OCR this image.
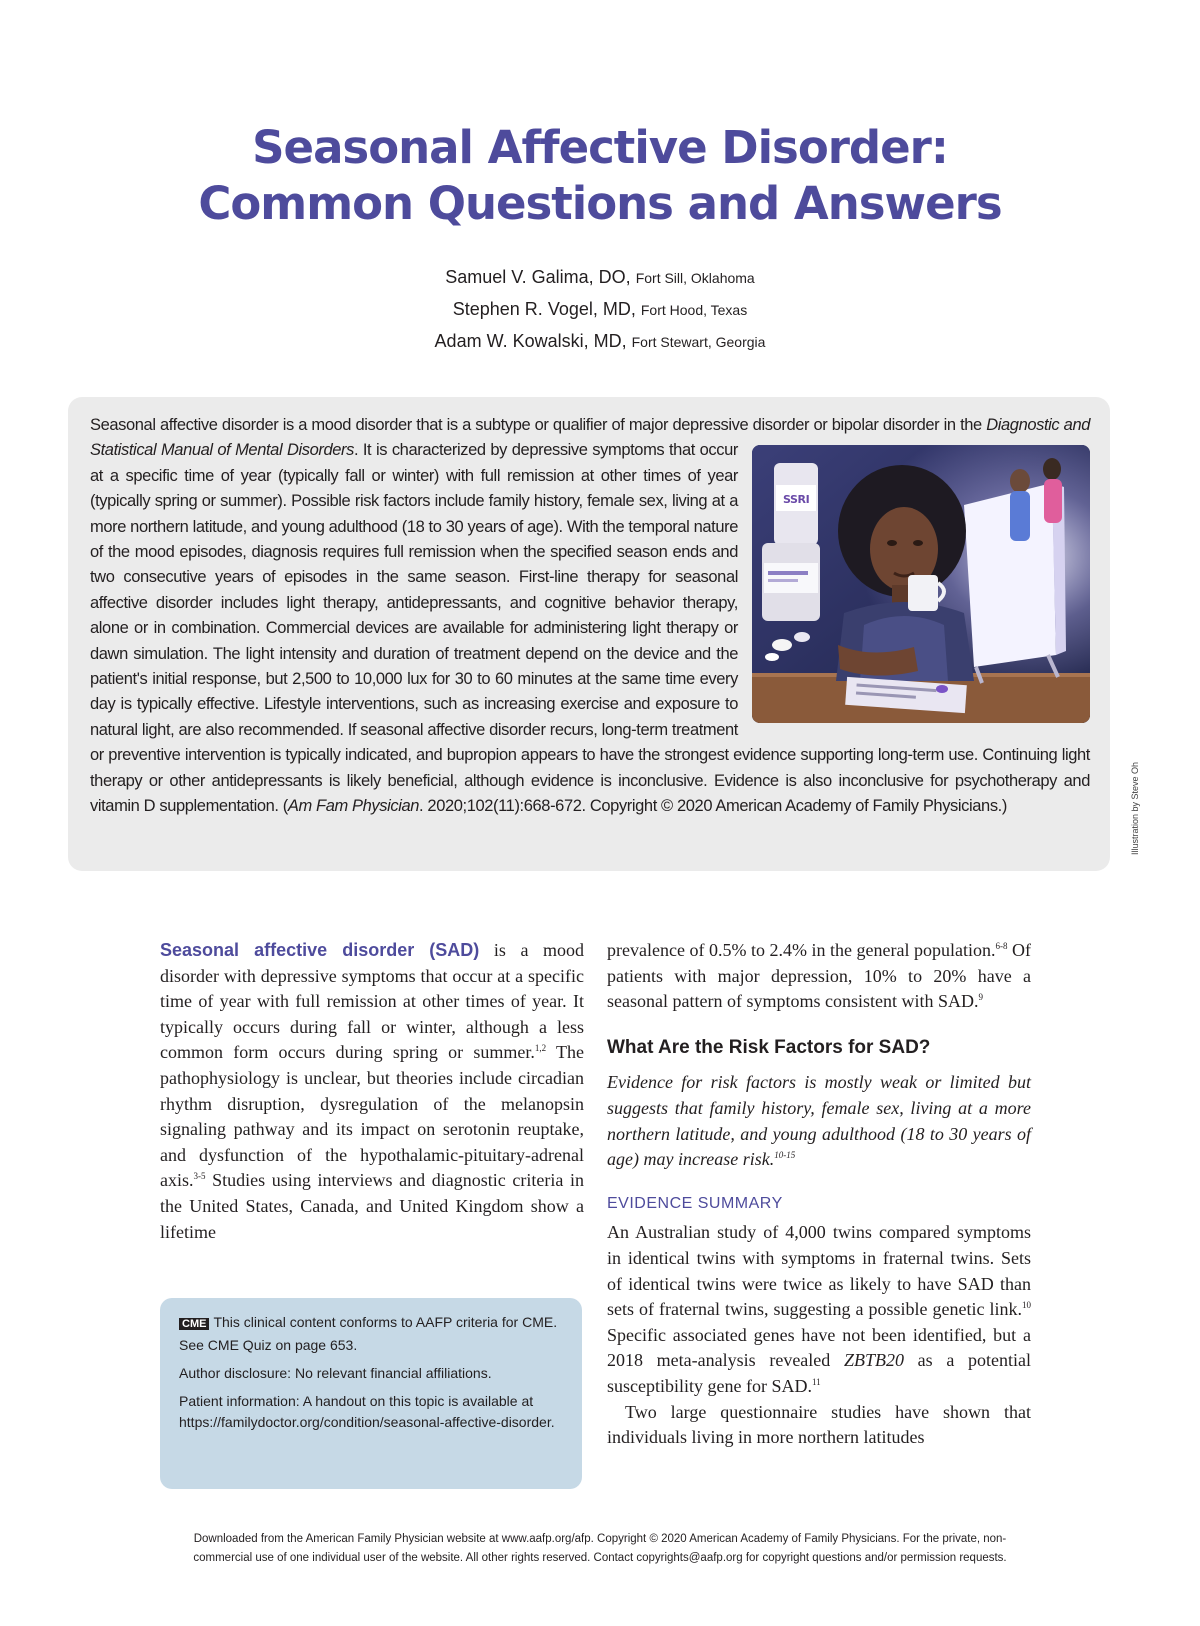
Seasonal Affective Disorder:
Common Questions and Answers
Samuel V. Galima, DO, Fort Sill, Oklahoma
Stephen R. Vogel, MD, Fort Hood, Texas
Adam W. Kowalski, MD, Fort Stewart, Georgia

Seasonal affective disorder is a mood disorder that is a subtype or qualifier of major depressive disorder or bipolar disorder in the Diagnostic and Statistical Manual of Mental Disorders
SSRI
. It is characterized by depressive symptoms that occur at a specific time of year (typically fall or winter) with full remission at other times of year (typically spring or summer). Possible risk factors include family history, female sex, living at a more northern latitude, and young adulthood (18 to 30 years of age). With the temporal nature of the mood episodes, diagnosis requires full remission when the specified season ends and two consecutive years of episodes in the same season. First-line therapy for seasonal affective disorder includes light therapy, antidepressants, and cognitive behavior therapy, alone or in combination. Commercial devices are available for administering light therapy or dawn simulation. The light intensity and duration of treatment depend on the device and the patient's initial response, but 2,500 to 10,000 lux for 30 to 60 minutes at the same time every day is typically effective. Lifestyle interventions, such as increasing exercise and exposure to natural light, are also recommended. If seasonal affective disorder recurs, long-term treatment or preventive intervention is typically indicated, and bupropion appears to have the strongest evidence supporting long-term use. Continuing light therapy or other antidepressants is likely beneficial, although evidence is inconclusive. Evidence is also inconclusive for psychotherapy and vitamin D supplementation. (Am Fam Physician. 2020;102(11):668-672. Copyright © 2020 American Academy of Family Physicians.)	Illustration by Steve Oh

Seasonal affective disorder (SAD) is a mood disorder with depressive symptoms that occur at a specific time of year with full remission at other times of year. It typically occurs during fall or winter, although a less common form occurs during spring or summer.$^{1,2}$ The pathophysiology is unclear, but theories include circadian rhythm disruption, dysregulation of the melanopsin signaling pathway and its impact on serotonin reuptake, and dysfunction of the hypothalamic-pituitary-adrenal axis.$^{3-5}$ Studies using interviews and diagnostic criteria in the United States, Canada, and United Kingdom show a lifetime

CME This clinical content conforms to AAFP criteria for CME. See CME Quiz on page 653.

Author disclosure: No relevant financial affiliations.

Patient information: A handout on this topic is available at https://familydoctor.org/condition/seasonal-affective-disorder.

prevalence of 0.5% to 2.4% in the general population.$^{6-8}$ Of patients with major depression, 10% to 20% have a seasonal pattern of symptoms consistent with SAD.$^9$

What Are the Risk Factors for SAD?

Evidence for risk factors is mostly weak or limited but suggests that family history, female sex, living at a more northern latitude, and young adulthood (18 to 30 years of age) may increase risk.$^{10-15}$

EVIDENCE SUMMARY

An Australian study of 4,000 twins compared symptoms in identical twins with symptoms in fraternal twins. Sets of identical twins were twice as likely to have SAD than sets of fraternal twins, suggesting a possible genetic link.$^{10}$ Specific associated genes have not been identified, but a 2018 meta-analysis revealed ZBTB20 as a potential susceptibility gene for SAD.$^{11}$

Two large questionnaire studies have shown that individuals living in more northern latitudes

Downloaded from the American Family Physician website at www.aafp.org/afp. Copyright © 2020 American Academy of Family Physicians. For the private, non-
commercial use of one individual user of the website. All other rights reserved. Contact copyrights@aafp.org for copyright questions and/or permission requests.
